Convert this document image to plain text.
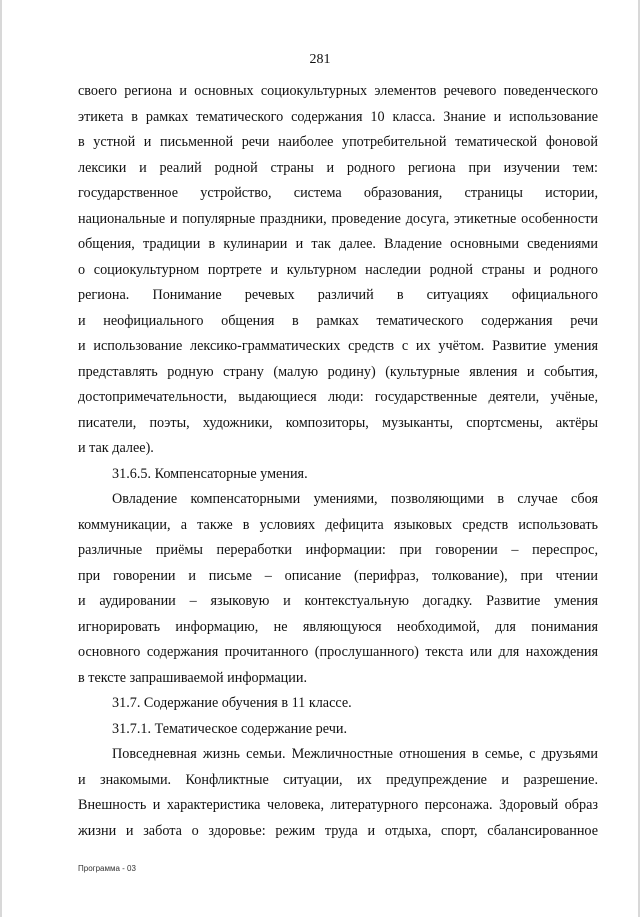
281
своего региона и основных социокультурных элементов речевого поведенческого
этикета в рамках тематического содержания 10 класса. Знание и использование
в устной и письменной речи наиболее употребительной тематической фоновой
лексики и реалий родной страны и родного региона при изучении тем:
государственное устройство, система образования, страницы истории,
национальные и популярные праздники, проведение досуга, этикетные особенности
общения, традиции в кулинарии и так далее. Владение основными сведениями
о социокультурном портрете и культурном наследии родной страны и родного
региона. Понимание речевых различий в ситуациях официального
и неофициального общения в рамках тематического содержания речи
и использование лексико-грамматических средств с их учётом. Развитие умения
представлять родную страну (малую родину) (культурные явления и события,
достопримечательности, выдающиеся люди: государственные деятели, учёные,
писатели, поэты, художники, композиторы, музыканты, спортсмены, актёры
и так далее).
31.6.5. Компенсаторные умения.
Овладение компенсаторными умениями, позволяющими в случае сбоя
коммуникации, а также в условиях дефицита языковых средств использовать
различные приёмы переработки информации: при говорении – переспрос,
при говорении и письме – описание (перифраз, толкование), при чтении
и аудировании – языковую и контекстуальную догадку. Развитие умения
игнорировать информацию, не являющуюся необходимой, для понимания
основного содержания прочитанного (прослушанного) текста или для нахождения
в тексте запрашиваемой информации.
31.7. Содержание обучения в 11 классе.
31.7.1. Тематическое содержание речи.
Повседневная жизнь семьи. Межличностные отношения в семье, с друзьями
и знакомыми. Конфликтные ситуации, их предупреждение и разрешение.
Внешность и характеристика человека, литературного персонажа. Здоровый образ
жизни и забота о здоровье: режим труда и отдыха, спорт, сбалансированное
Программа - 03
